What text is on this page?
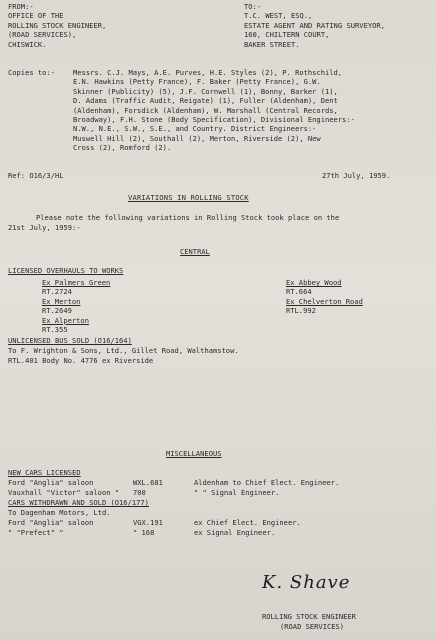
FROM:-
OFFICE OF THE
ROLLING STOCK ENGINEER,
(ROAD SERVICES),
CHISWICK.
TO:-
T.C. WEST, ESQ.,
ESTATE AGENT AND RATING SURVEYOR,
160, CHILTERN COURT,
BAKER STREET.
Copies to:-	Messrs. C.J. Mays, A.E. Purves, H.E. Styles (2), P. Rothschild,
E.N. Hawkins (Petty France), F. Baker (Petty France), G.W.
Skinner (Publicity) (5), J.F. Cornwell (1), Bonny, Barker (1),
D. Adams (Traffic Audit, Reigate) (1), Fuller (Aldenham), Dent
(Aldenham), Forsdick (Aldenham), W. Marshall (Central Records,
Broadway), F.H. Stone (Body Specification), Divisional Engineers:-
N.W., N.E., S.W., S.E., and Country. District Engineers:-
Muswell Hill (2), Southall (2), Merton, Riverside (2), New
Cross (2), Romford (2).
Ref: O16/3/HL	27th July, 1959.
VARIATIONS IN ROLLING STOCK
Please note the following variations in Rolling Stock took place on the
21st July, 1959:-
CENTRAL
LICENSED OVERHAULS TO WORKS
Ex Palmers Green
RT.2724
Ex Merton
RT.2649
Ex Alperton
RT.355
Ex Abbey Wood
RT.664
Ex Chelverton Road
RTL.992
UNLICENSED BUS SOLD (O16/164)
To F. Wrighton & Sons, Ltd., Gillet Road, Walthamstow.
RTL.401 Body No. 4776 ex Riverside
MISCELLANEOUS
NEW CARS LICENSED
Ford "Anglia" saloon	WXL.681	Aldenham to Chief Elect. Engineer.
Vauxhall "Victor" saloon " 700	" " Signal Engineer.
CARS WITHDRAWN AND SOLD (O16/177)
To Dagenham Motors, Ltd.
Ford "Anglia" saloon	VGX.191	ex Chief Elect. Engineer.
" "Prefect" "	" 168	ex Signal Engineer.
K. Shave
ROLLING STOCK ENGINEER
(ROAD SERVICES)
